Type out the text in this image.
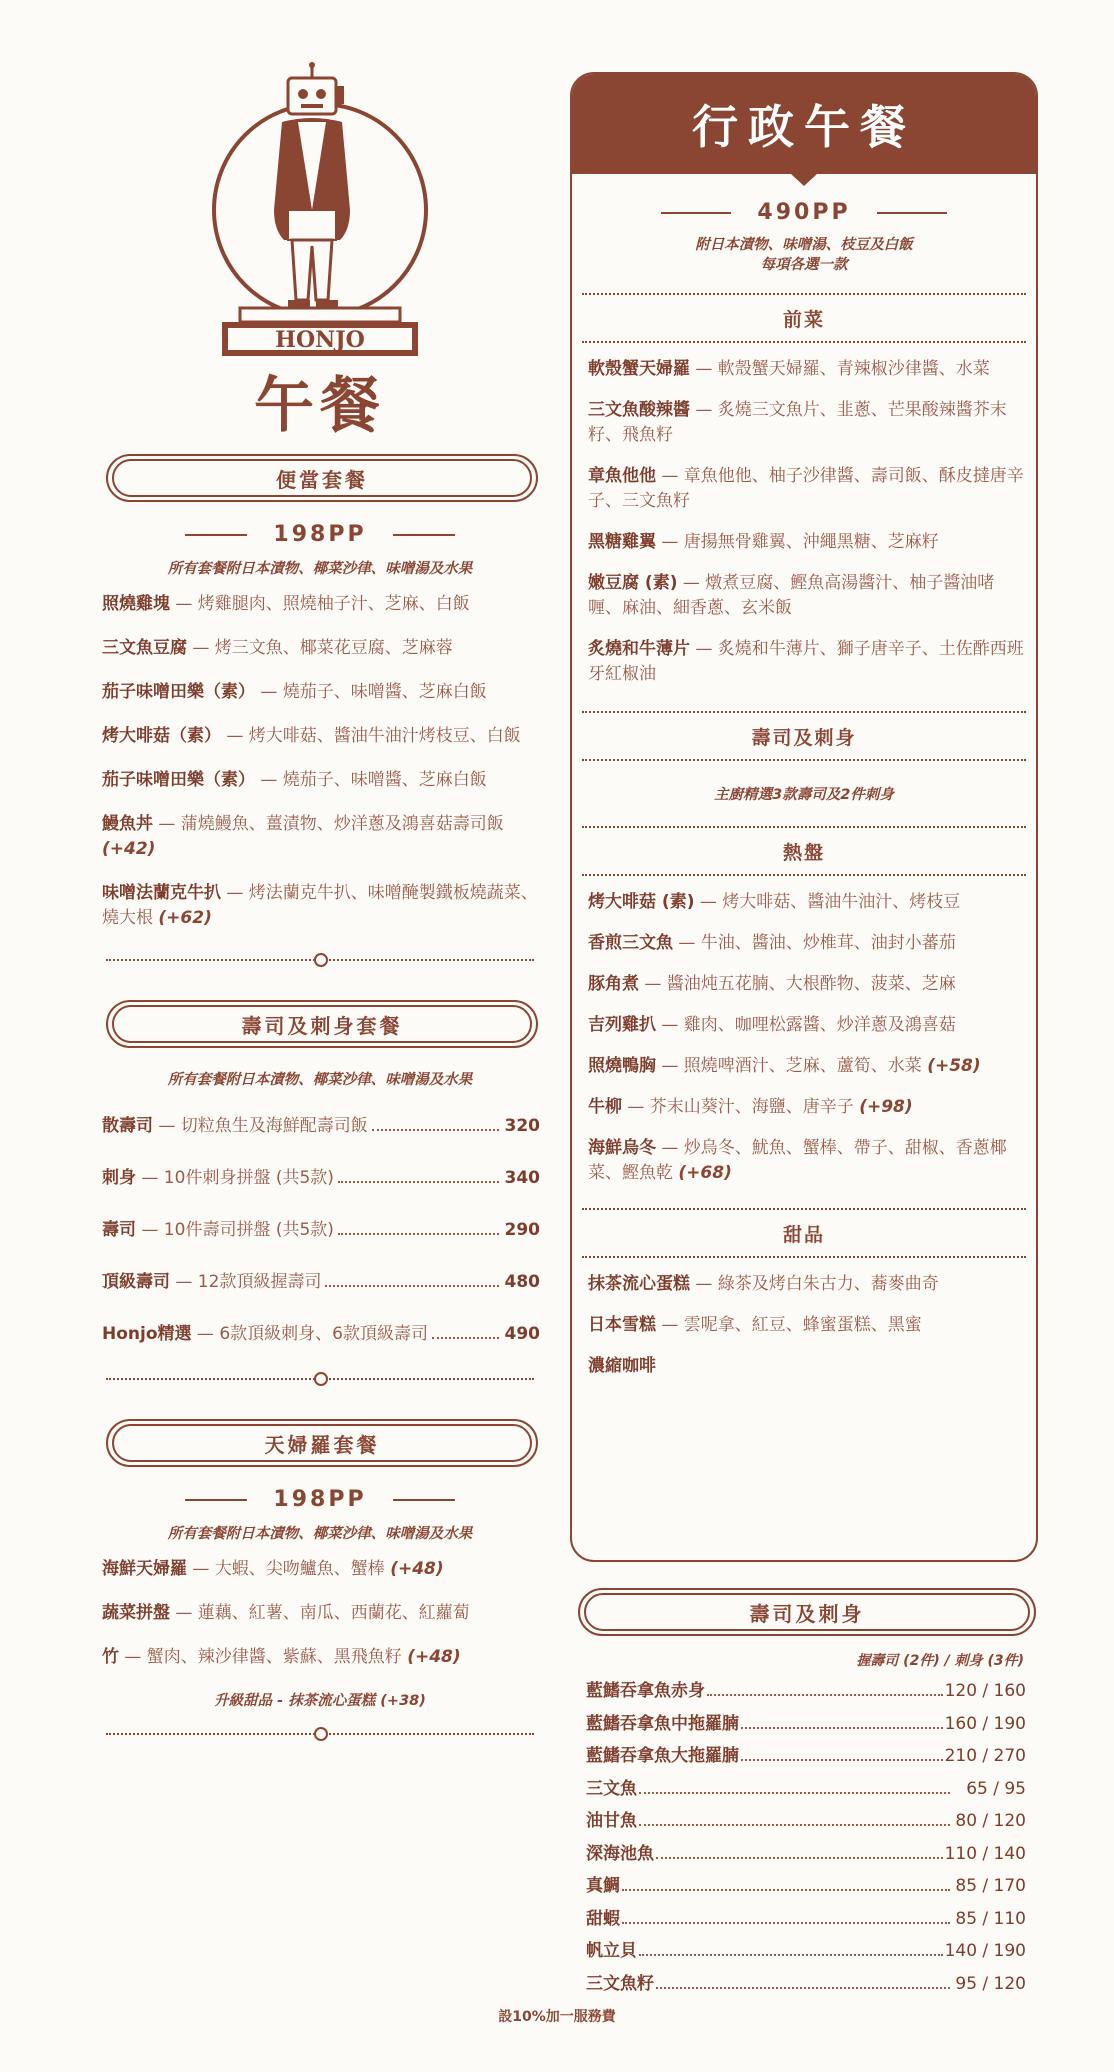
HONJO
午餐
便當套餐
198PP
所有套餐附日本漬物、椰菜沙律、味噌湯及水果
照燒雞塊 — 烤雞腿肉、照燒柚子汁、芝麻、白飯
三文魚豆腐 — 烤三文魚、椰菜花豆腐、芝麻蓉
茄子味噌田樂（素） — 燒茄子、味噌醬、芝麻白飯
烤大啡菇（素） — 烤大啡菇、醬油牛油汁烤枝豆、白飯
茄子味噌田樂（素） — 燒茄子、味噌醬、芝麻白飯
鰻魚丼 — 蒲燒鰻魚、薑漬物、炒洋蔥及鴻喜菇壽司飯 (+42)
味噌法蘭克牛扒 — 烤法蘭克牛扒、味噌醃製鐵板燒蔬菜、燒大根 (+62)
壽司及刺身套餐
所有套餐附日本漬物、椰菜沙律、味噌湯及水果
散壽司 — 切粒魚生及海鮮配壽司飯	320
刺身 — 10件刺身拼盤 (共5款)	340
壽司 — 10件壽司拼盤 (共5款)	290
頂級壽司 — 12款頂級握壽司	480
Honjo精選 — 6款頂級刺身、6款頂級壽司	490
天婦羅套餐
198PP
所有套餐附日本漬物、椰菜沙律、味噌湯及水果
海鮮天婦羅 — 大蝦、尖吻鱸魚、蟹棒 (+48)
蔬菜拼盤 — 蓮藕、紅薯、南瓜、西蘭花、紅蘿蔔
竹 — 蟹肉、辣沙律醬、紫蘇、黑飛魚籽 (+48)
升級甜品 - 抹茶流心蛋糕 (+38)
行政午餐
490PP
附日本漬物、味噌湯、枝豆及白飯
每項各選一款
前菜
軟殼蟹天婦羅 — 軟殼蟹天婦羅、青辣椒沙律醬、水菜
三文魚酸辣醬 — 炙燒三文魚片、韭蔥、芒果酸辣醬芥末籽、飛魚籽
章魚他他 — 章魚他他、柚子沙律醬、壽司飯、酥皮撻唐辛子、三文魚籽
黑糖雞翼 — 唐揚無骨雞翼、沖繩黑糖、芝麻籽
嫩豆腐 (素) — 燉煮豆腐、鰹魚高湯醬汁、柚子醬油啫喱、麻油、細香蔥、玄米飯
炙燒和牛薄片 — 炙燒和牛薄片、獅子唐辛子、土佐酢西班牙紅椒油
壽司及刺身
主廚精選3款壽司及2件刺身
熱盤
烤大啡菇 (素) — 烤大啡菇、醬油牛油汁、烤枝豆
香煎三文魚 — 牛油、醬油、炒椎茸、油封小蕃茄
豚角煮 — 醬油炖五花腩、大根酢物、菠菜、芝麻
吉列雞扒 — 雞肉、咖哩松露醬、炒洋蔥及鴻喜菇
照燒鴨胸 — 照燒啤酒汁、芝麻、蘆筍、水菜 (+58)
牛柳 — 芥末山葵汁、海鹽、唐辛子 (+98)
海鮮烏冬 — 炒烏冬、魷魚、蟹棒、帶子、甜椒、香蔥椰菜、鰹魚乾 (+68)
甜品
抹茶流心蛋糕 — 綠茶及烤白朱古力、蕎麥曲奇
日本雪糕 — 雲呢拿、紅豆、蜂蜜蛋糕、黑蜜
濃縮咖啡
壽司及刺身
握壽司 (2件) / 刺身 (3件)
藍鰭吞拿魚赤身	120 / 160
藍鰭吞拿魚中拖羅腩	160 / 190
藍鰭吞拿魚大拖羅腩	210 / 270
三文魚	65 / 95
油甘魚	80 / 120
深海池魚	110 / 140
真鯛	85 / 170
甜蝦	85 / 110
帆立貝	140 / 190
三文魚籽	95 / 120
設10%加一服務費
